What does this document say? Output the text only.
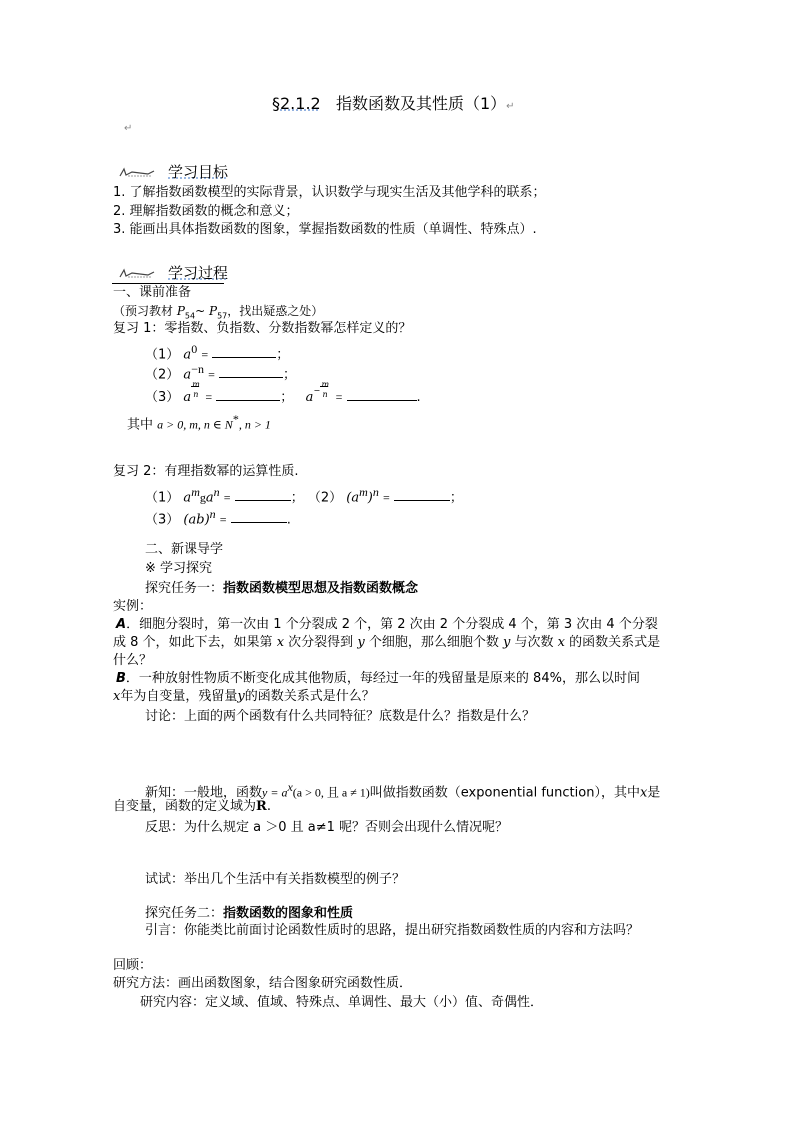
§2.1.2 指数函数及其性质（1）↵
↵
学习目标
1. 了解指数函数模型的实际背景，认识数学与现实生活及其他学科的联系；
2. 理解指数函数的概念和意义；
3. 能画出具体指数函数的图象，掌握指数函数的性质（单调性、特殊点）.
学习过程
一、课前准备
（预习教材 $P_{54}\sim$ $P_{57}$，找出疑惑之处）
复习 1：零指数、负指数、分数指数幂怎样定义的？
（1） $a^0$ =	；
（2） $a^{-n}$ =	；
（3） a
m
n =	； a −
m
n =	.
其中 a > 0, m, n ∈ N*, n > 1
复习 2：有理指数幂的运算性质.
（1） $a^mga^n$ =	； （2） $(a^m)^n$ =	；
（3） (ab)$^n$ =	.
二、新课导学
※ 学习探究
探究任务一：指数函数模型思想及指数函数概念
实例：
A．细胞分裂时，第一次由 1 个分裂成 2 个，第 2 次由 2 个分裂成 4 个，第 3 次由 4 个分裂
成 8 个，如此下去，如果第 x 次分裂得到 y 个细胞，那么细胞个数 y 与次数 x 的函数关系式是
什么？
B．一种放射性物质不断变化成其他物质，每经过一年的残留量是原来的 84%，那么以时间
x年为自变量，残留量y的函数关系式是什么？
讨论：上面的两个函数有什么共同特征？底数是什么？指数是什么？
新知：一般地，函数$y = a^x(a > 0$, 且 a ≠ 1)叫做指数函数（exponential function），其中x是
自变量，函数的定义域为R.
反思：为什么规定 a ＞0 且 a≠1 呢？否则会出现什么情况呢？
试试：举出几个生活中有关指数模型的例子？
探究任务二：指数函数的图象和性质
引言：你能类比前面讨论函数性质时的思路，提出研究指数函数性质的内容和方法吗？
回顾：
研究方法：画出函数图象，结合图象研究函数性质．
研究内容：定义域、值域、特殊点、单调性、最大（小）值、奇偶性．
